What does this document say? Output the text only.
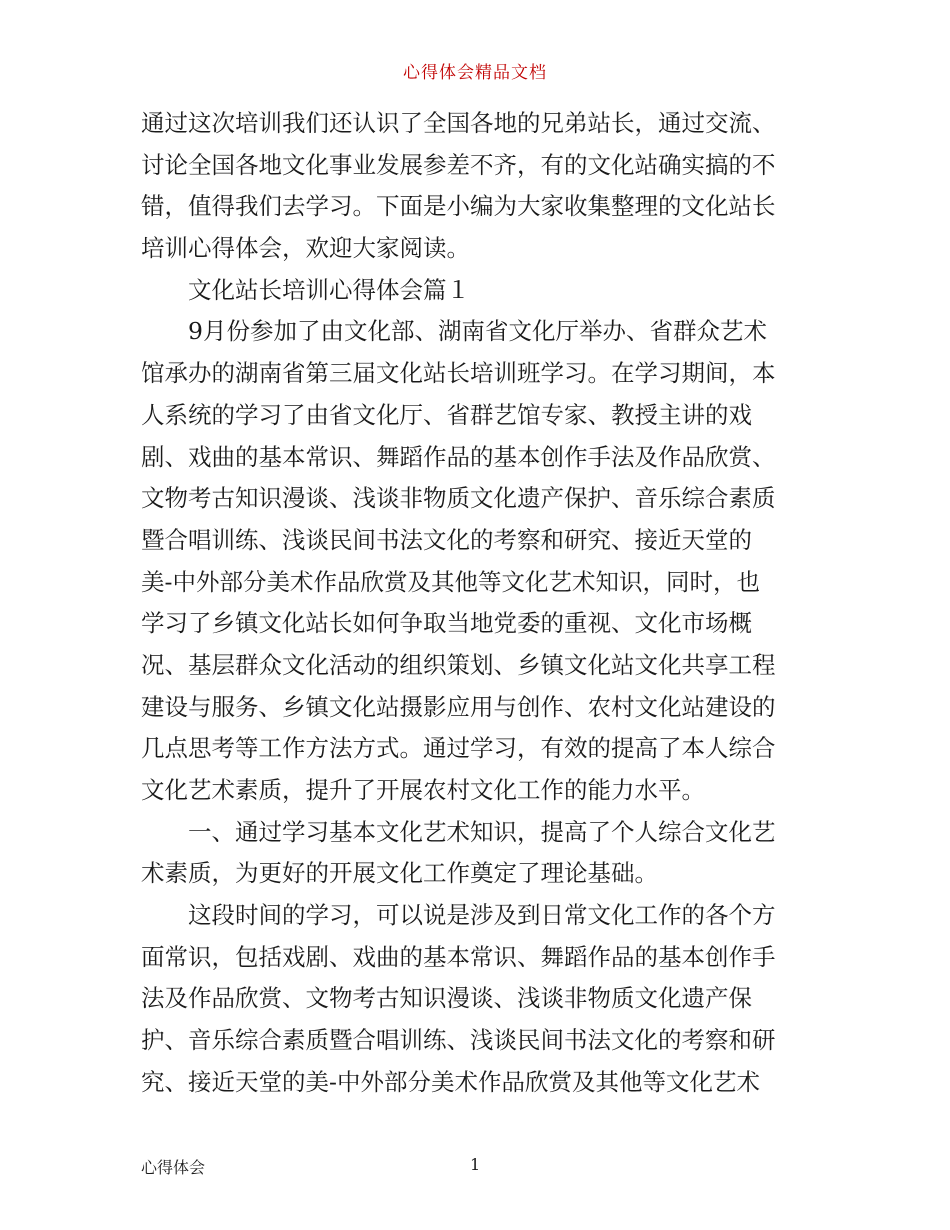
心得体会精品文档
通过这次培训我们还认识了全国各地的兄弟站长，通过交流、
讨论全国各地文化事业发展参差不齐，有的文化站确实搞的不
错，值得我们去学习。下面是小编为大家收集整理的文化站长
培训心得体会，欢迎大家阅读。
文化站长培训心得体会篇１
9月份参加了由文化部、湖南省文化厅举办、省群众艺术
馆承办的湖南省第三届文化站长培训班学习。在学习期间，本
人系统的学习了由省文化厅、省群艺馆专家、教授主讲的戏
剧、戏曲的基本常识、舞蹈作品的基本创作手法及作品欣赏、
文物考古知识漫谈、浅谈非物质文化遗产保护、音乐综合素质
暨合唱训练、浅谈民间书法文化的考察和研究、接近天堂的
美-中外部分美术作品欣赏及其他等文化艺术知识，同时，也
学习了乡镇文化站长如何争取当地党委的重视、文化市场概
况、基层群众文化活动的组织策划、乡镇文化站文化共享工程
建设与服务、乡镇文化站摄影应用与创作、农村文化站建设的
几点思考等工作方法方式。通过学习，有效的提高了本人综合
文化艺术素质，提升了开展农村文化工作的能力水平。
一、通过学习基本文化艺术知识，提高了个人综合文化艺
术素质，为更好的开展文化工作奠定了理论基础。
这段时间的学习，可以说是涉及到日常文化工作的各个方
面常识，包括戏剧、戏曲的基本常识、舞蹈作品的基本创作手
法及作品欣赏、文物考古知识漫谈、浅谈非物质文化遗产保
护、音乐综合素质暨合唱训练、浅谈民间书法文化的考察和研
究、接近天堂的美-中外部分美术作品欣赏及其他等文化艺术
心得体会	1
